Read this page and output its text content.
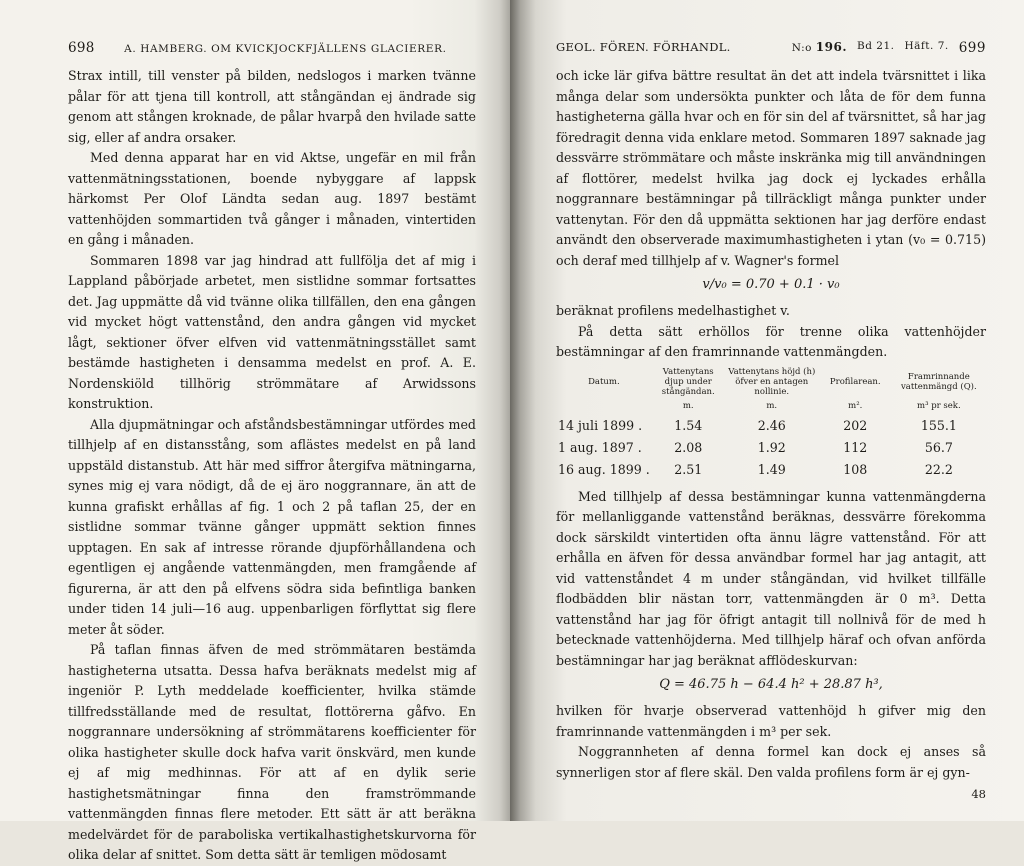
698	A. HAMBERG. OM KVICKJOCKFJÄLLENS GLACIERER.

Strax intill, till venster på bilden, nedslogos i marken tvänne pålar för att tjena till kontroll, att stångändan ej ändrade sig genom att stången kroknade, de pålar hvarpå den hvilade satte sig, eller af andra orsaker.

Med denna apparat har en vid Aktse, ungefär en mil från vattenmätningsstationen, boende nybyggare af lappsk härkomst Per Olof Ländta sedan aug. 1897 bestämt vattenhöjden sommartiden två gånger i månaden, vintertiden en gång i månaden.

Sommaren 1898 var jag hindrad att fullfölja det af mig i Lappland påbörjade arbetet, men sistlidne sommar fortsattes det. Jag uppmätte då vid tvänne olika tillfällen, den ena gången vid mycket högt vattenstånd, den andra gången vid mycket lågt, sektioner öfver elfven vid vattenmätningsstället samt bestämde hastigheten i densamma medelst en prof. A. E. Nordenskiöld tillhörig strömmätare af Arwidssons konstruktion.

Alla djupmätningar och afståndsbestämningar utfördes med tillhjelp af en distansstång, som aflästes medelst en på land uppstäld distanstub. Att här med siffror återgifva mätningarna, synes mig ej vara nödigt, då de ej äro noggrannare, än att de kunna grafiskt erhållas af fig. 1 och 2 på taflan 25, der en sistlidne sommar tvänne gånger uppmätt sektion finnes upptagen. En sak af intresse rörande djupförhållandena och egentligen ej angående vattenmängden, men framgående af figurerna, är att den på elfvens södra sida befintliga banken under tiden 14 juli—16 aug. uppenbarligen förflyttat sig flere meter åt söder.

På taflan finnas äfven de med strömmätaren bestämda hastigheterna utsatta. Dessa hafva beräknats medelst mig af ingeniör P. Lyth meddelade koefficienter, hvilka stämde tillfredsställande med de resultat, flottörerna gåfvo. En noggrannare undersökning af strömmätarens koefficienter för olika hastigheter skulle dock hafva varit önskvärd, men kunde ej af mig medhinnas. För att af en dylik serie hastighetsmätningar finna den framströmmande vattenmängden finnas flere metoder. Ett sätt är att beräkna medelvärdet för de paraboliska vertikalhastighetskurvorna för olika delar af snittet. Som detta sätt är temligen mödosamt

GEOL. FÖREN. FÖRHANDL.	N:o 196. Bd 21. Häft. 7. 699

och icke lär gifva bättre resultat än det att indela tvärsnittet i lika många delar som undersökta punkter och låta de för dem funna hastigheterna gälla hvar och en för sin del af tvärsnittet, så har jag föredragit denna vida enklare metod. Sommaren 1897 saknade jag dessvärre strömmätare och måste inskränka mig till användningen af flottörer, medelst hvilka jag dock ej lyckades erhålla noggrannare bestämningar på tillräckligt många punkter under vattenytan. För den då uppmätta sektionen har jag derföre endast användt den observerade maximumhastigheten i ytan (v₀ = 0.715) och deraf med tillhjelp af v. Wagner's formel

v/v₀ = 0.70 + 0.1 · v₀

beräknat profilens medelhastighet v.

På detta sätt erhöllos för trenne olika vattenhöjder bestämningar af den framrinnande vattenmängden.

Datum.	Vattenytans djup under stångändan.	Vattenytans höjd (h) öfver en antagen nollinie.	Profilarean.	Framrinnande vattenmängd (Q).
	m.	m.	m².	m³ pr sek.
14 juli 1899 .	1.54	2.46	202	155.1
1 aug. 1897 .	2.08	1.92	112	56.7
16 aug. 1899 .	2.51	1.49	108	22.2

Med tillhjelp af dessa bestämningar kunna vattenmängderna för mellanliggande vattenstånd beräknas, dessvärre förekomma dock särskildt vintertiden ofta ännu lägre vattenstånd. För att erhålla en äfven för dessa användbar formel har jag antagit, att vid vattenståndet 4 m under stångändan, vid hvilket tillfälle flodbädden blir nästan torr, vattenmängden är 0 m³. Detta vattenstånd har jag för öfrigt antagit till nollnivå för de med h betecknade vattenhöjderna. Med tillhjelp häraf och ofvan anförda bestämningar har jag beräknat afflödeskurvan:

Q = 46.75 h − 64.4 h² + 28.87 h³,

hvilken för hvarje observerad vattenhöjd h gifver mig den framrinnande vattenmängden i m³ per sek.

Noggrannheten af denna formel kan dock ej anses så synnerligen stor af flere skäl. Den valda profilens form är ej gyn-

48
